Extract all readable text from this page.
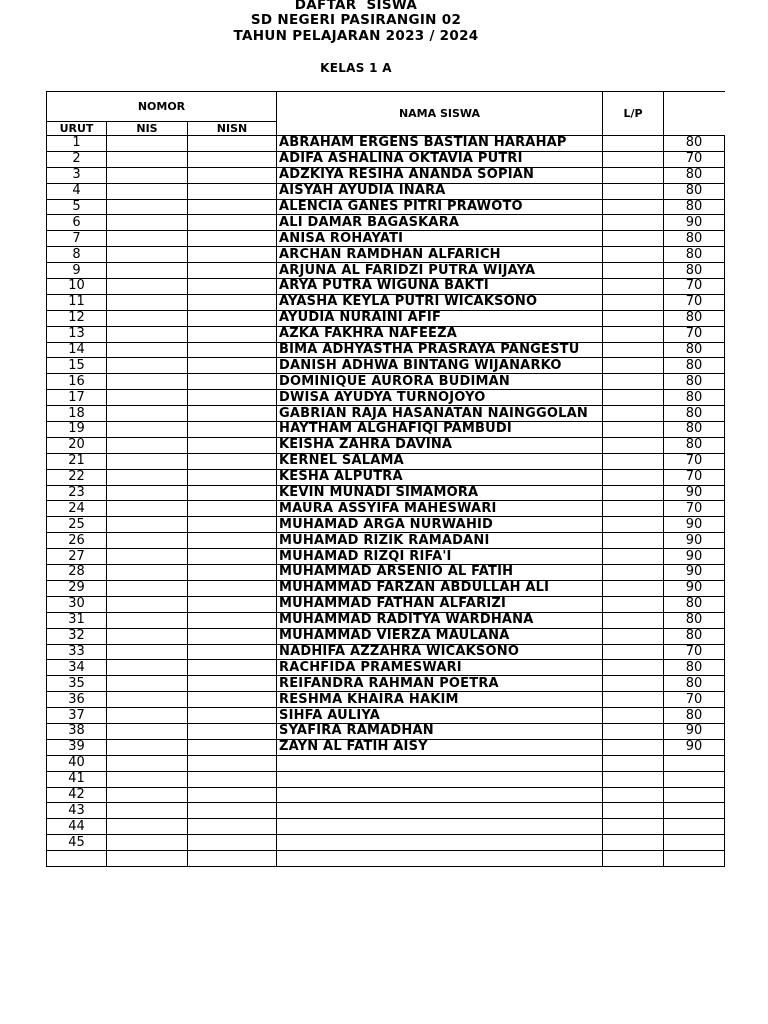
DAFTAR  SISWA
SD NEGERI PASIRANGIN 02
TAHUN PELAJARAN 2023 / 2024
KELAS 1 A
NOMOR			NAMA SISWA	L/P	
URUT	NIS	NISN			
1			ABRAHAM ERGENS BASTIAN HARAHAP		80
2			ADIFA ASHALINA OKTAVIA PUTRI		70
3			ADZKIYA RESIHA ANANDA SOPIAN		80
4			AISYAH AYUDIA INARA		80
5			ALENCIA GANES PITRI PRAWOTO		80
6			ALI DAMAR BAGASKARA		90
7			ANISA ROHAYATI		80
8			ARCHAN RAMDHAN ALFARICH		80
9			ARJUNA AL FARIDZI PUTRA WIJAYA		80
10			ARYA PUTRA WIGUNA BAKTI		70
11			AYASHA KEYLA PUTRI WICAKSONO		70
12			AYUDIA NURAINI AFIF		80
13			AZKA FAKHRA NAFEEZA		70
14			BIMA ADHYASTHA PRASRAYA PANGESTU		80
15			DANISH ADHWA BINTANG WIJANARKO		80
16			DOMINIQUE AURORA BUDIMAN		80
17			DWISA AYUDYA TURNOJOYO		80
18			GABRIAN RAJA HASANATAN NAINGGOLAN		80
19			HAYTHAM ALGHAFIQI PAMBUDI		80
20			KEISHA ZAHRA DAVINA		80
21			KERNEL SALAMA		70
22			KESHA ALPUTRA		70
23			KEVIN MUNADI SIMAMORA		90
24			MAURA ASSYIFA MAHESWARI		70
25			MUHAMAD ARGA NURWAHID		90
26			MUHAMAD RIZIK RAMADANI		90
27			MUHAMAD RIZQI RIFA'I		90
28			MUHAMMAD ARSENIO AL FATIH		90
29			MUHAMMAD FARZAN ABDULLAH ALI		90
30			MUHAMMAD FATHAN ALFARIZI		80
31			MUHAMMAD RADITYA WARDHANA		80
32			MUHAMMAD VIERZA MAULANA		80
33			NADHIFA AZZAHRA WICAKSONO		70
34			RACHFIDA PRAMESWARI		80
35			REIFANDRA RAHMAN POETRA		80
36			RESHMA KHAIRA HAKIM		70
37			SIHFA AULIYA		80
38			SYAFIRA RAMADHAN		90
39			ZAYN AL FATIH AISY		90
40					
41					
42					
43					
44					
45					
